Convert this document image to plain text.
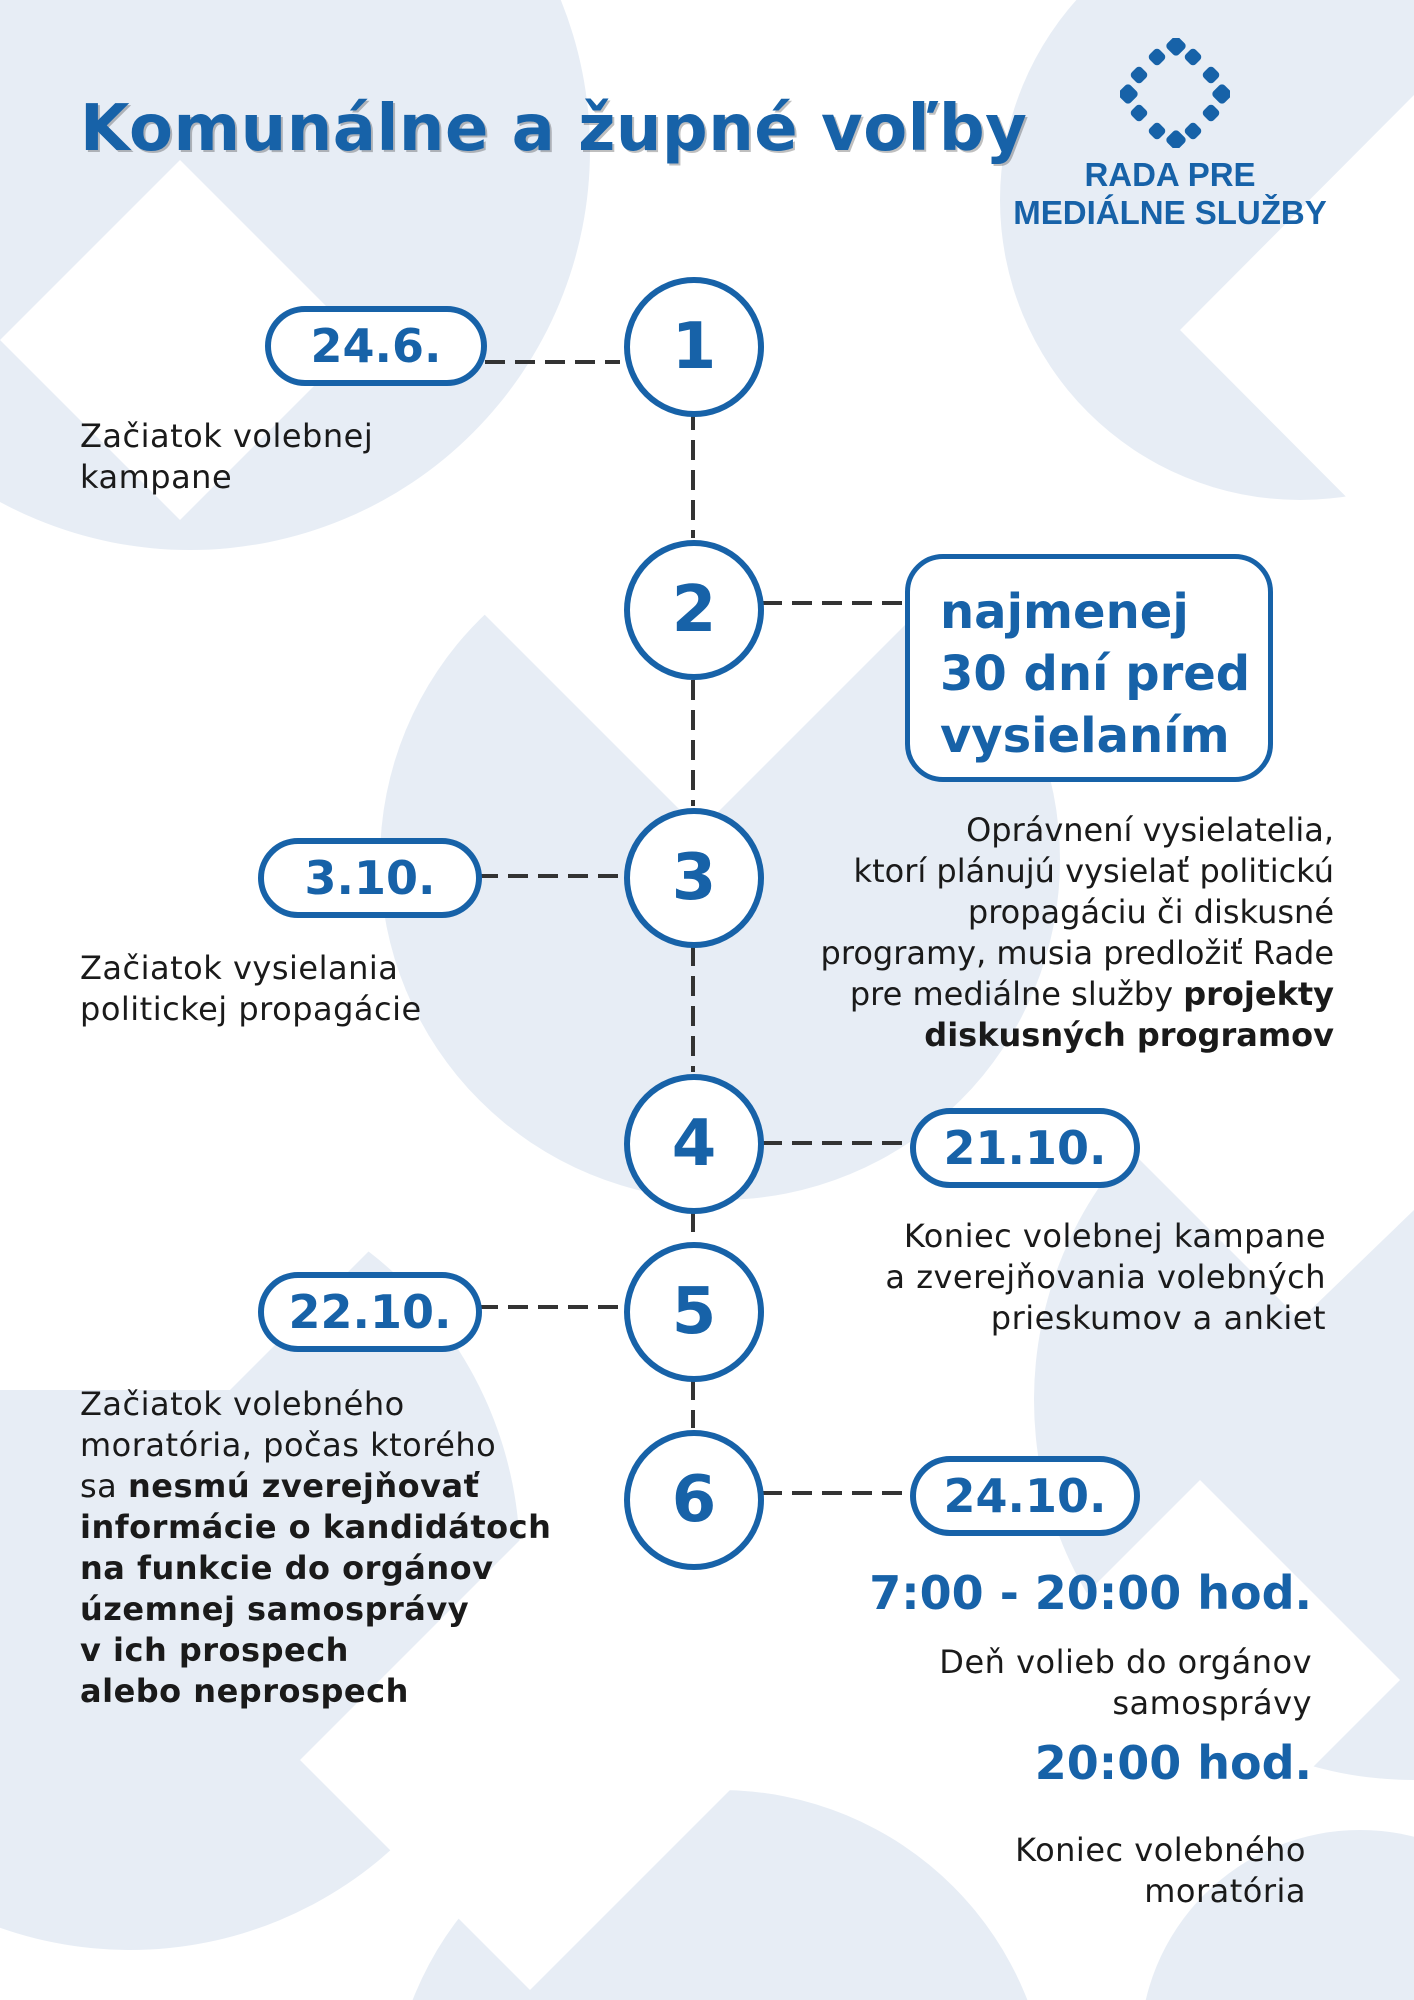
Komunálne a župné voľby
RADA PRE
MEDIÁLNE SLUŽBY
1
2
3
4
5
6
24.6.
3.10.
21.10.
22.10.
24.10.
najmenej
30 dní pred
vysielaním
Začiatok volebnej
kampane
Oprávnení vysielatelia,
ktorí plánujú vysielať politickú
propagáciu či diskusné
programy, musia predložiť Rade
pre mediálne služby projekty
diskusných programov
Začiatok vysielania
politickej propagácie
Koniec volebnej kampane
a zverejňovania volebných
prieskumov a ankiet
Začiatok volebného
moratória, počas ktorého
sa nesmú zverejňovať
informácie o kandidátoch
na funkcie do orgánov
územnej samosprávy
v ich prospech
alebo neprospech
7:00 - 20:00 hod.
Deň volieb do orgánov
samosprávy
20:00 hod.
Koniec volebného
moratória
